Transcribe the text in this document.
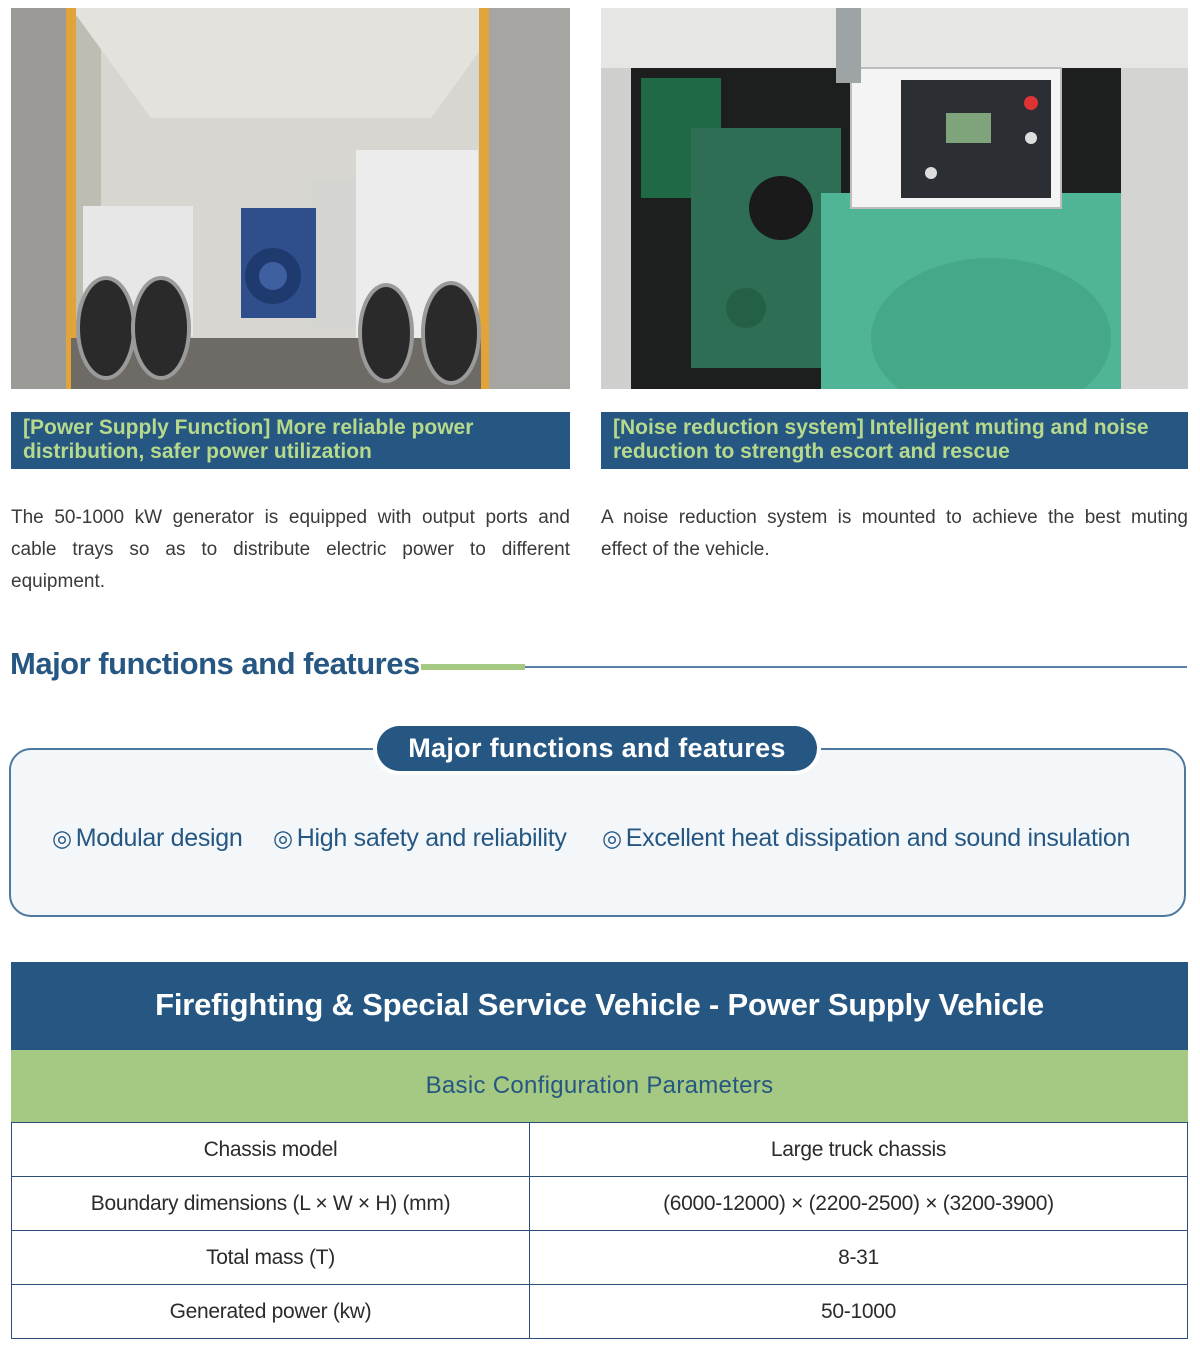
[Power Supply Function] More reliable power distribution, safer power utilization
[Noise reduction system] Intelligent muting and noise reduction to strength escort and rescue
The 50-1000 kW generator is equipped with output ports and cable trays so as to distribute electric power to different equipment.
A noise reduction system is mounted to achieve the best muting effect of the vehicle.
Major functions and features
Major functions and features
◎ Modular design ◎ High safety and reliability ◎ Excellent heat dissipation and sound insulation
Firefighting & Special Service Vehicle - Power Supply Vehicle
Basic Configuration Parameters
Chassis model	Large truck chassis
Boundary dimensions (L × W × H) (mm)	(6000-12000) × (2200-2500) × (3200-3900)
Total mass (T)	8-31
Generated power (kw)	50-1000
